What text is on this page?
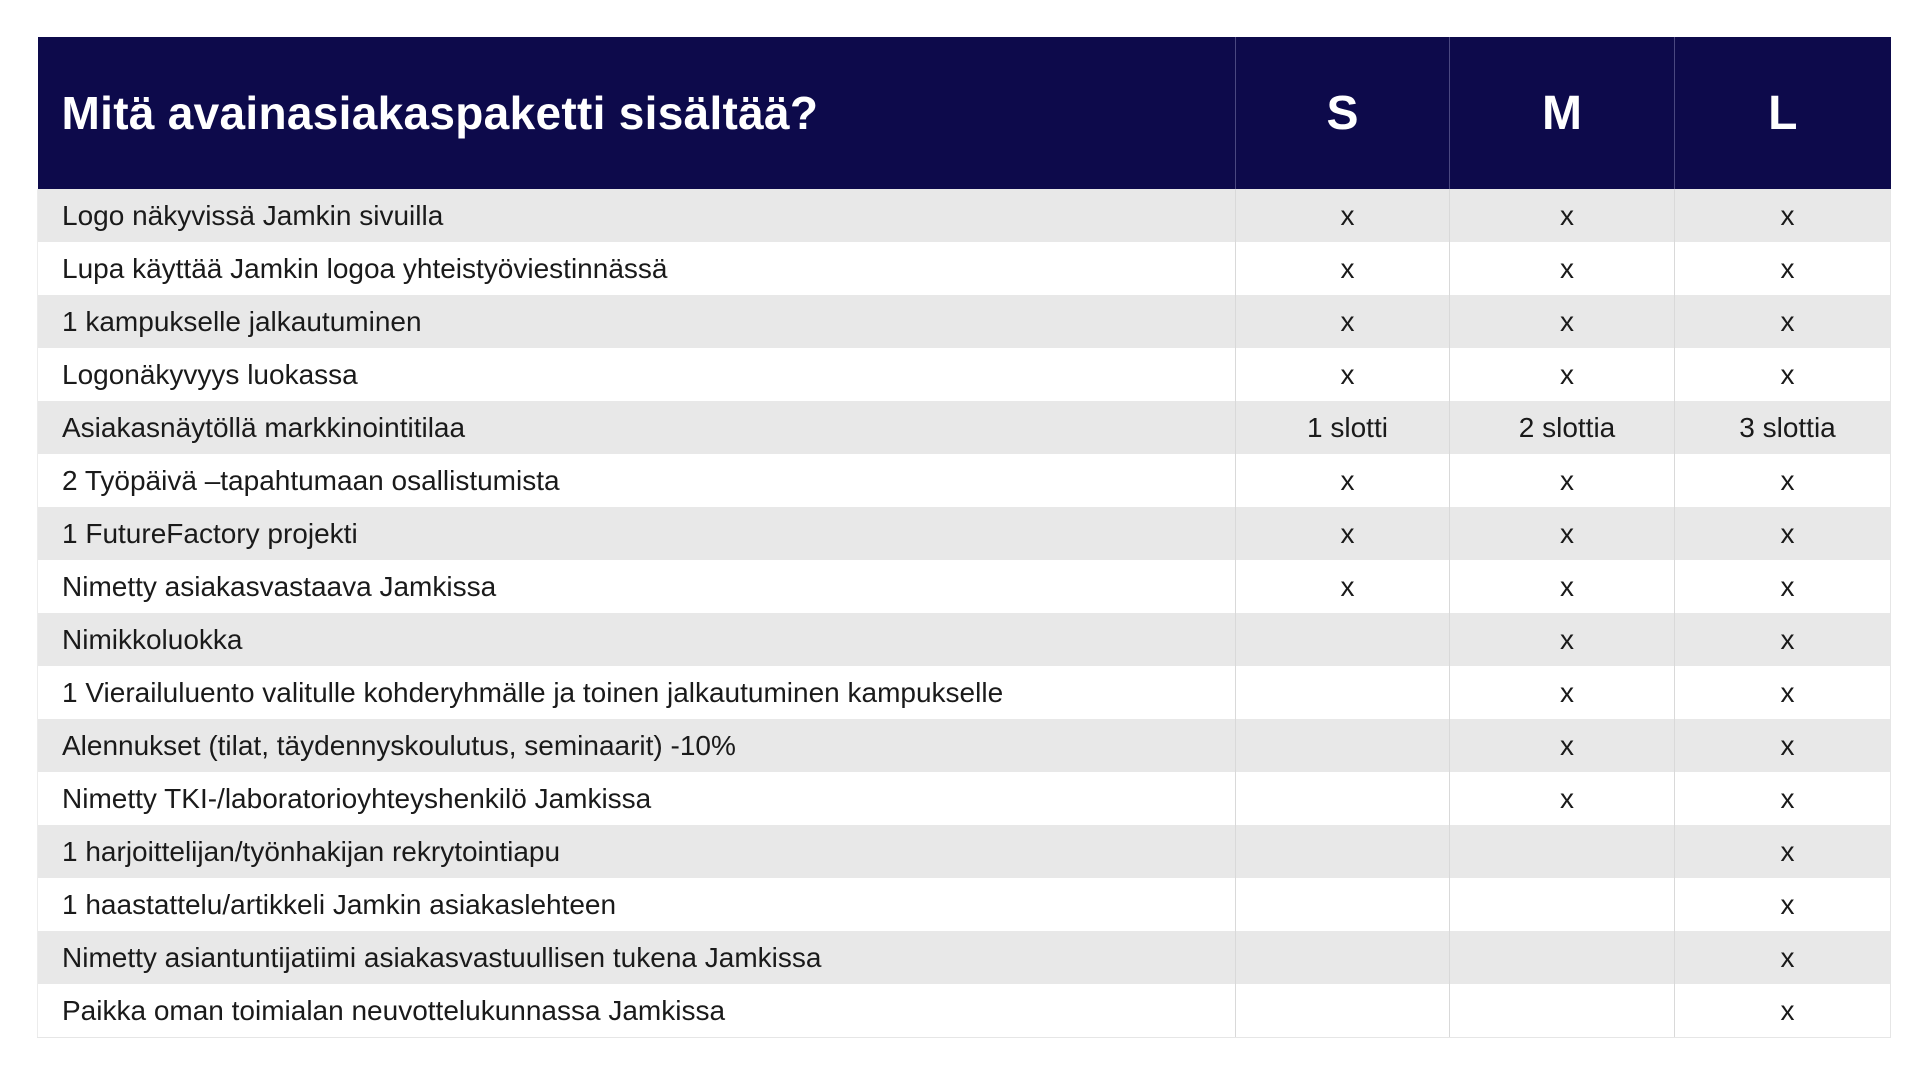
Mitä avainasiakaspaketti sisältää?	S	M	L
Logo näkyvissä Jamkin sivuilla	x	x	x
Lupa käyttää Jamkin logoa yhteistyöviestinnässä	x	x	x
1 kampukselle jalkautuminen	x	x	x
Logonäkyvyys luokassa	x	x	x
Asiakasnäytöllä markkinointitilaa	1 slotti	2 slottia	3 slottia
2 Työpäivä –tapahtumaan osallistumista	x	x	x
1 FutureFactory projekti	x	x	x
Nimetty asiakasvastaava Jamkissa	x	x	x
Nimikkoluokka		x	x
1 Vierailuluento valitulle kohderyhmälle ja toinen jalkautuminen kampukselle		x	x
Alennukset (tilat, täydennyskoulutus, seminaarit) -10%		x	x
Nimetty TKI-/laboratorioyhteyshenkilö Jamkissa		x	x
1 harjoittelijan/työnhakijan rekrytointiapu			x
1 haastattelu/artikkeli Jamkin asiakaslehteen			x
Nimetty asiantuntijatiimi asiakasvastuullisen tukena Jamkissa			x
Paikka oman toimialan neuvottelukunnassa Jamkissa			x
